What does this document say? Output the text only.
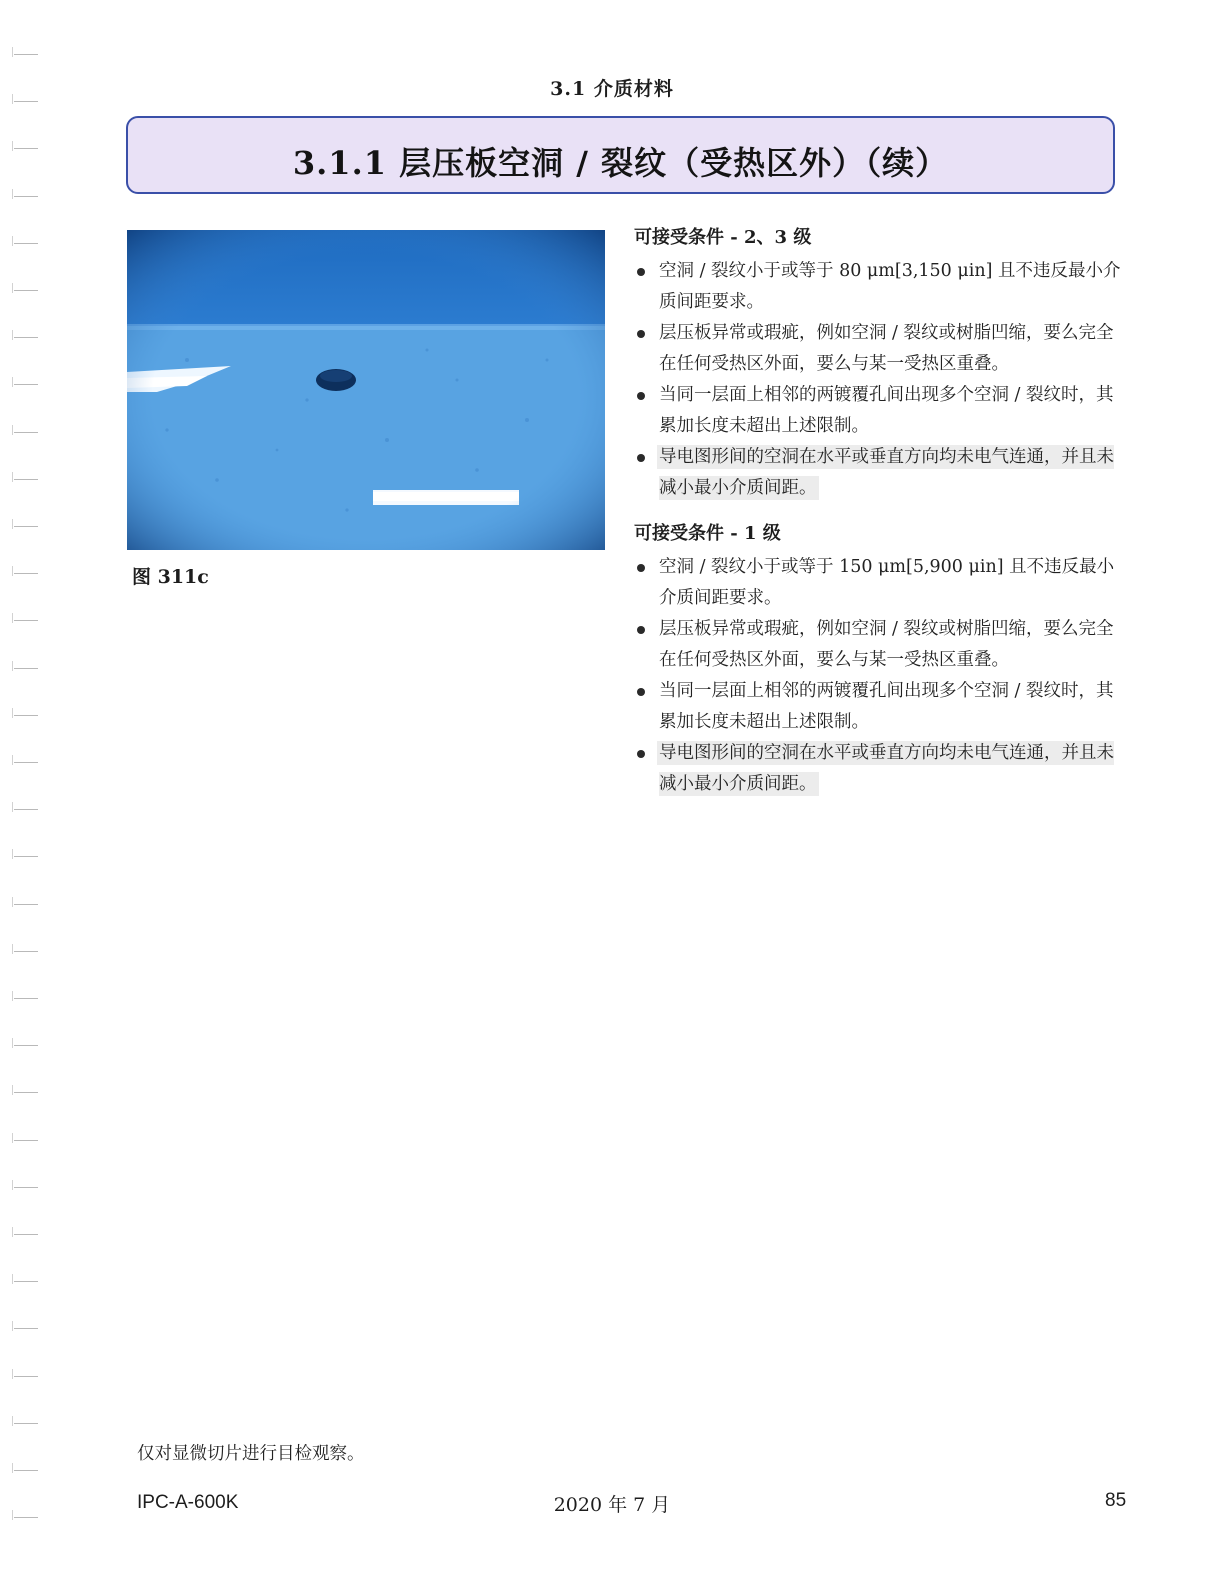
3.1 介质材料
3.1.1 层压板空洞 / 裂纹（受热区外）（续）
图 311c
可接受条件 - 2、3 级

空洞 / 裂纹小于或等于 80 μm[3,150 μin] 且不违反最小介质间距要求。

层压板异常或瑕疵，例如空洞 / 裂纹或树脂凹缩，要么完全在任何受热区外面，要么与某一受热区重叠。

当同一层面上相邻的两镀覆孔间出现多个空洞 / 裂纹时，其累加长度未超出上述限制。

导电图形间的空洞在水平或垂直方向均未电气连通，并且未减小最小介质间距。

可接受条件 - 1 级

空洞 / 裂纹小于或等于 150 μm[5,900 μin] 且不违反最小介质间距要求。

层压板异常或瑕疵，例如空洞 / 裂纹或树脂凹缩，要么完全在任何受热区外面，要么与某一受热区重叠。

当同一层面上相邻的两镀覆孔间出现多个空洞 / 裂纹时，其累加长度未超出上述限制。

导电图形间的空洞在水平或垂直方向均未电气连通，并且未减小最小介质间距。

仅对显微切片进行目检观察。
IPC-A-600K	2020 年 7 月	85
